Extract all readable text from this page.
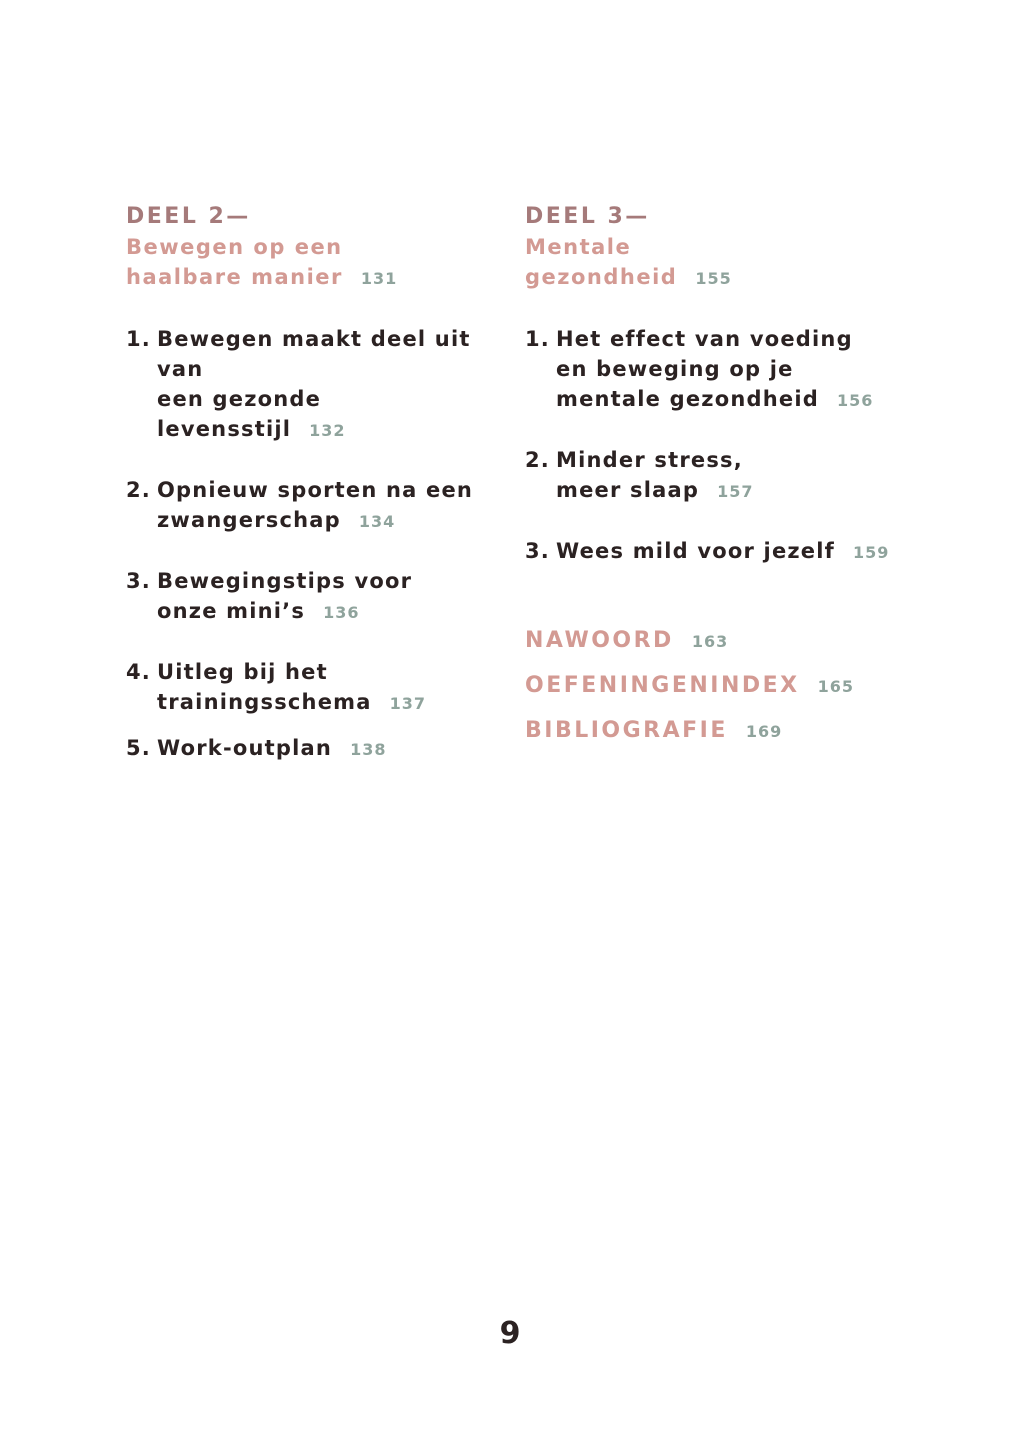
DEEL 2—

Bewegen op een

haalbare manier 131

1. Bewegen maakt deel uit van
een gezonde levensstijl 132
2. Opnieuw sporten na een
zwangerschap 134
3. Bewegingstips voor
onze mini’s 136
4. Uitleg bij het
trainingsschema 137
5. Work-outplan 138

DEEL 3—

Mentale

gezondheid 155

1. Het effect van voeding
en beweging op je
mentale gezondheid 156
2. Minder stress,
meer slaap 157
3. Wees mild voor jezelf 159

NAWOORD 163

OEFENINGENINDEX 165

BIBLIOGRAFIE 169

9
